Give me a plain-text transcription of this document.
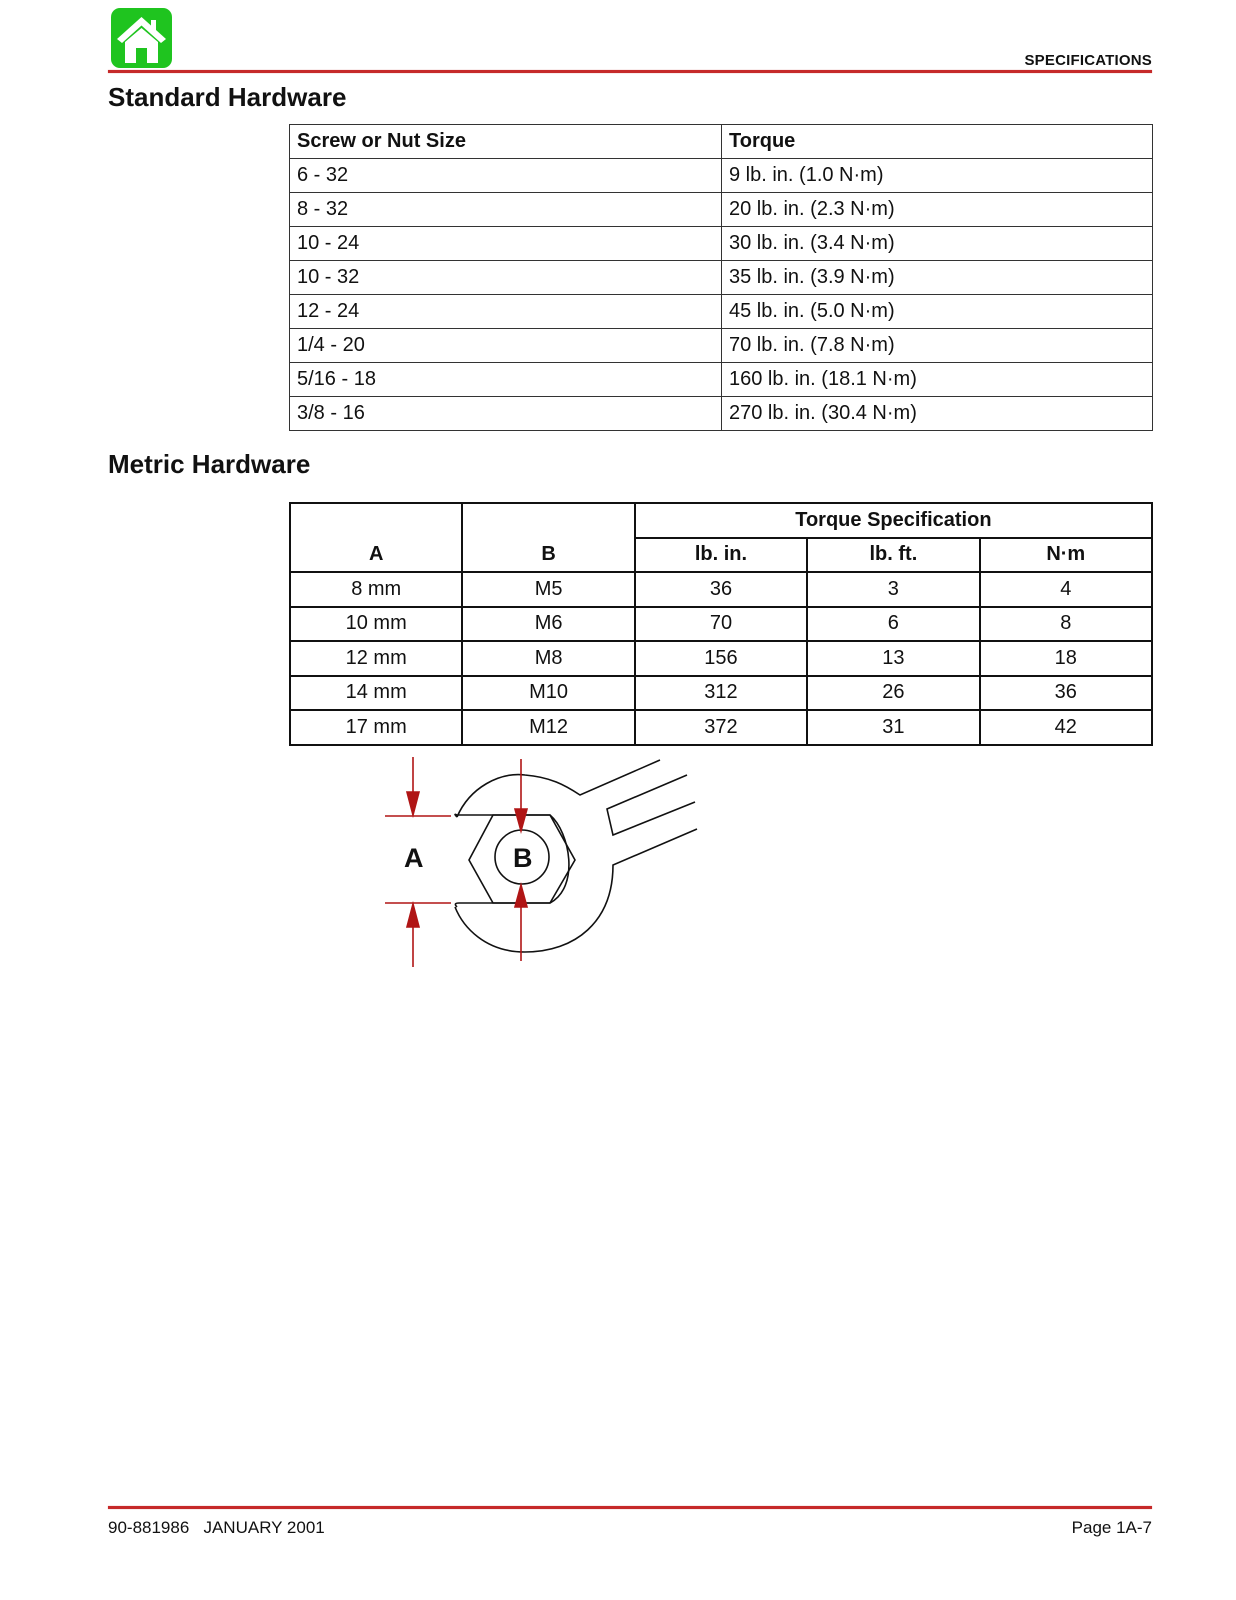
SPECIFICATIONS
Standard Hardware
Screw or Nut Size	Torque
6 - 32	9 lb. in. (1.0 N·m)
8 - 32	20 lb. in. (2.3 N·m)
10 - 24	30 lb. in. (3.4 N·m)
10 - 32	35 lb. in. (3.9 N·m)
12 - 24	45 lb. in. (5.0 N·m)
1/4 - 20	70 lb. in. (7.8 N·m)
5/16 - 18	160 lb. in. (18.1 N·m)
3/8 - 16	270 lb. in. (30.4 N·m)
Metric Hardware
A	B	Torque Specification		
		lb. in.	lb. ft.	N·m
8 mm	M5	36	3	4
10 mm	M6	70	6	8
12 mm	M8	156	13	18
14 mm	M10	312	26	36
17 mm	M12	372	31	42
A	B
90-881986   JANUARY 2001	Page 1A-7
